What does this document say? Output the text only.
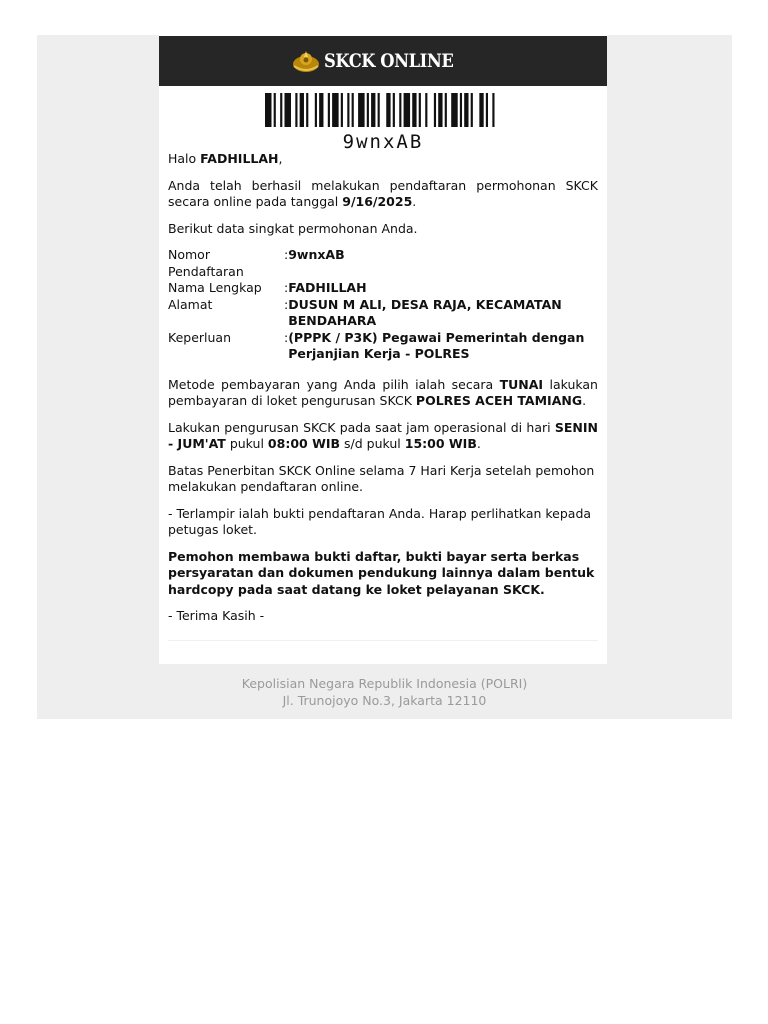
SKCK ONLINE
9wnxAB

Halo FADHILLAH,

Anda telah berhasil melakukan pendaftaran permohonan SKCK secara online pada tanggal 9/16/2025.

Berikut data singkat permohonan Anda.

Nomor Pendaftaran	:	9wnxAB
Nama Lengkap	:	FADHILLAH
Alamat	:	DUSUN M ALI, DESA RAJA, KECAMATAN BENDAHARA
Keperluan	:	(PPPK / P3K) Pegawai Pemerintah dengan Perjanjian Kerja - POLRES

Metode pembayaran yang Anda pilih ialah secara TUNAI lakukan pembayaran di loket pengurusan SKCK POLRES ACEH TAMIANG.

Lakukan pengurusan SKCK pada saat jam operasional di hari SENIN - JUM'AT pukul 08:00 WIB s/d pukul 15:00 WIB.

Batas Penerbitan SKCK Online selama 7 Hari Kerja setelah pemohon melakukan pendaftaran online.

- Terlampir ialah bukti pendaftaran Anda. Harap perlihatkan kepada petugas loket.

Pemohon membawa bukti daftar, bukti bayar serta berkas persyaratan dan dokumen pendukung lainnya dalam bentuk hardcopy pada saat datang ke loket pelayanan SKCK.

- Terima Kasih -

Kepolisian Negara Republik Indonesia (POLRI)
Jl. Trunojoyo No.3, Jakarta 12110
